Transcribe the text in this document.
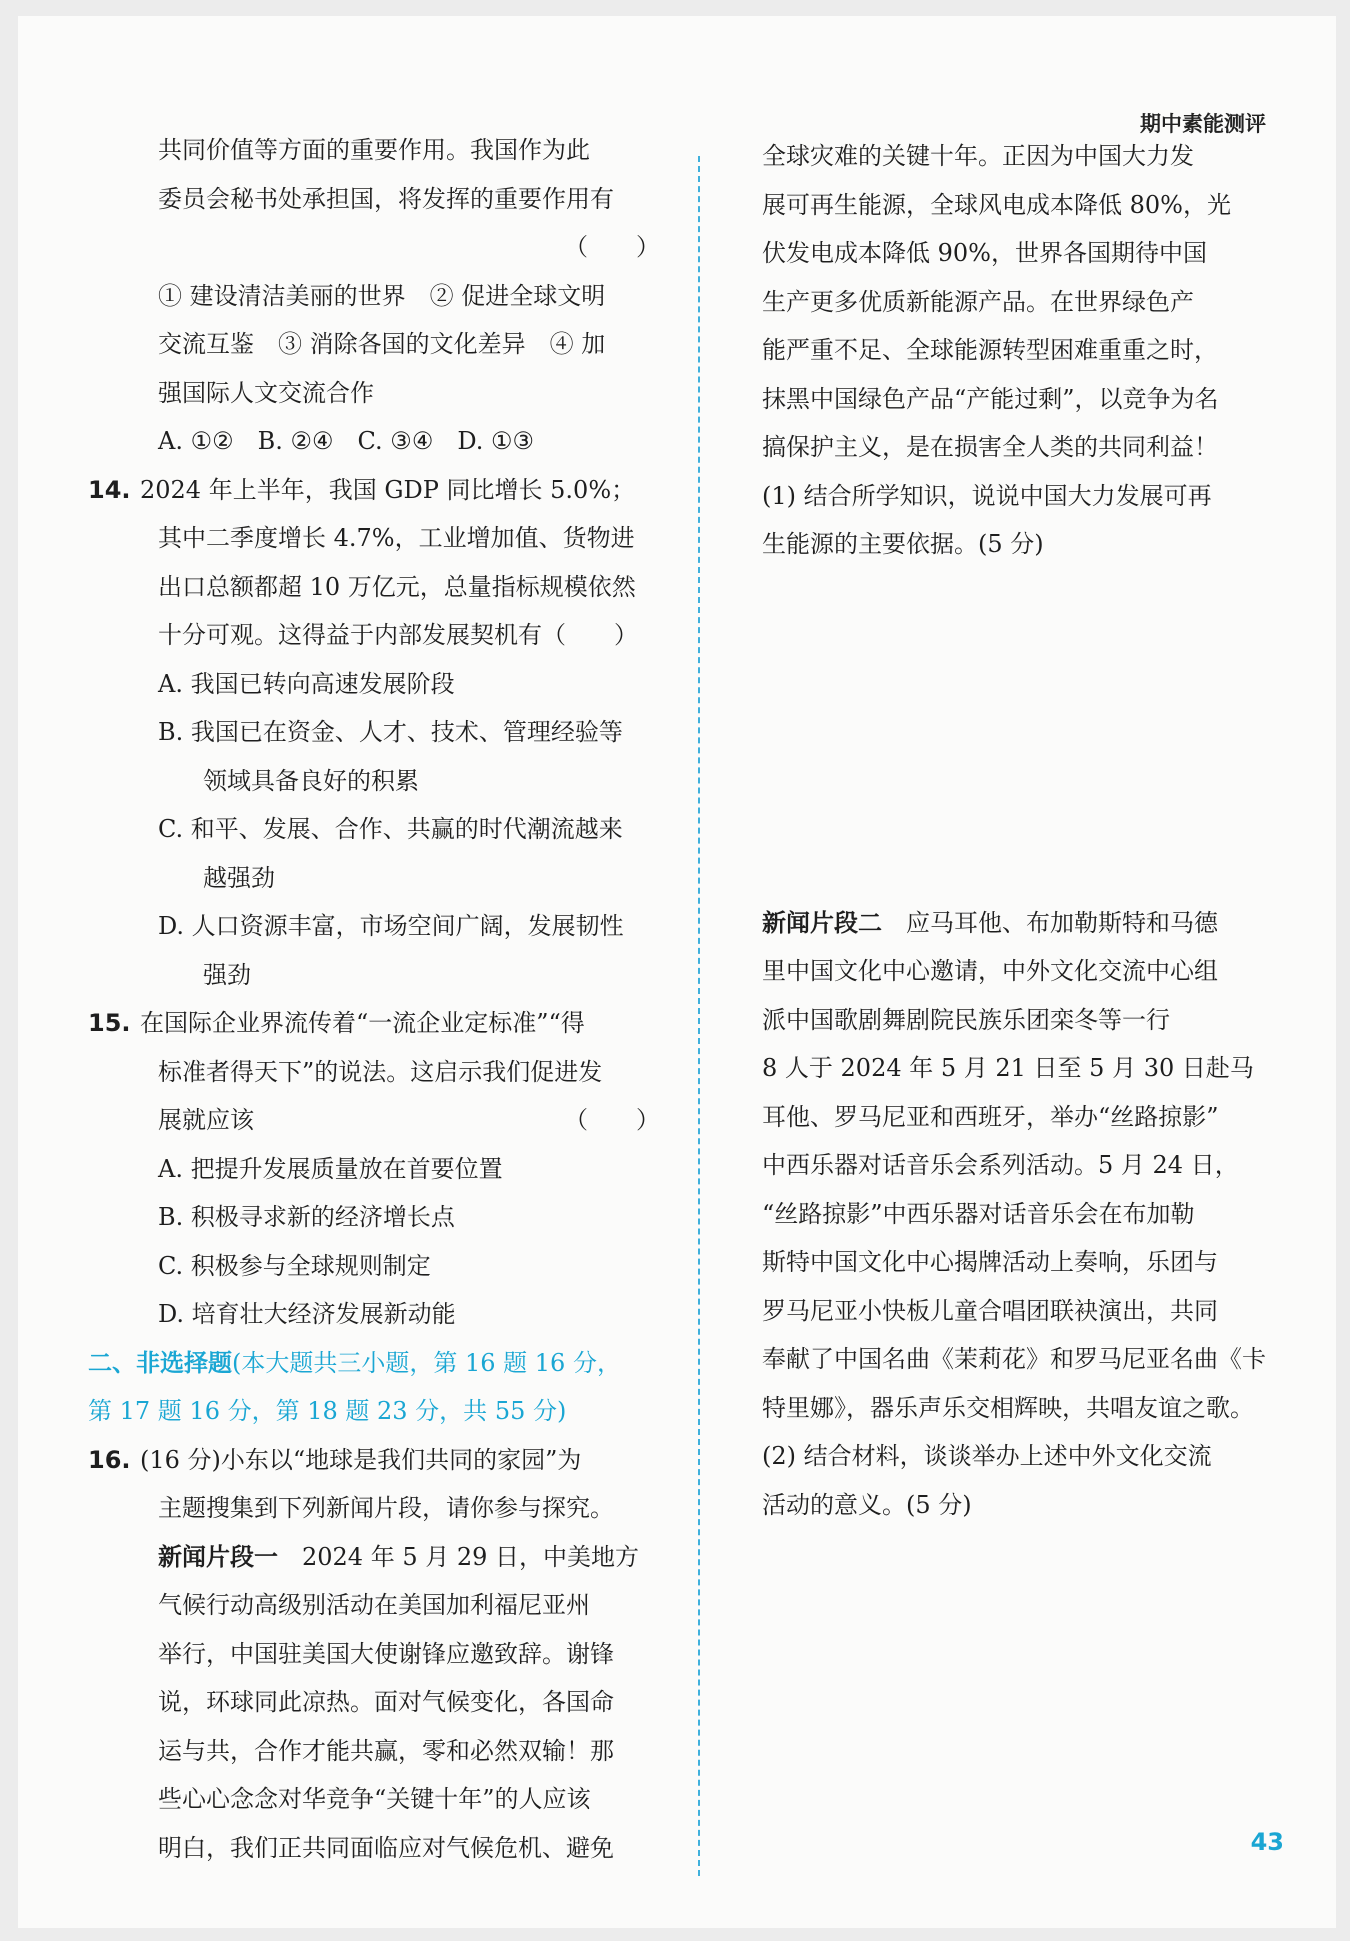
期中素能测评
共同价值等方面的重要作用。我国作为此
委员会秘书处承担国，将发挥的重要作用有
（　　）
① 建设清洁美丽的世界　② 促进全球文明
交流互鉴　③ 消除各国的文化差异　④ 加
强国际人文交流合作
A. ①②　B. ②④　C. ③④　D. ①③
14. 2024 年上半年，我国 GDP 同比增长 5.0%；
其中二季度增长 4.7%，工业增加值、货物进
出口总额都超 10 万亿元，总量指标规模依然
十分可观。这得益于内部发展契机有（　　）
A. 我国已转向高速发展阶段
B. 我国已在资金、人才、技术、管理经验等
领域具备良好的积累
C. 和平、发展、合作、共赢的时代潮流越来
越强劲
D. 人口资源丰富，市场空间广阔，发展韧性
强劲
15. 在国际企业界流传着“一流企业定标准”“得
标准者得天下”的说法。这启示我们促进发
展就应该	（　　）
A. 把提升发展质量放在首要位置
B. 积极寻求新的经济增长点
C. 积极参与全球规则制定
D. 培育壮大经济发展新动能
二、非选择题(本大题共三小题，第 16 题 16 分，
第 17 题 16 分，第 18 题 23 分，共 55 分)
16. (16 分)小东以“地球是我们共同的家园”为
主题搜集到下列新闻片段，请你参与探究。
新闻片段一　 2024 年 5 月 29 日，中美地方
气候行动高级别活动在美国加利福尼亚州
举行，中国驻美国大使谢锋应邀致辞。谢锋
说，环球同此凉热。面对气候变化，各国命
运与共，合作才能共赢，零和必然双输！那
些心心念念对华竞争“关键十年”的人应该
明白，我们正共同面临应对气候危机、避免
全球灾难的关键十年。正因为中国大力发
展可再生能源，全球风电成本降低 80%，光
伏发电成本降低 90%，世界各国期待中国
生产更多优质新能源产品。在世界绿色产
能严重不足、全球能源转型困难重重之时，
抹黑中国绿色产品“产能过剩”，以竞争为名
搞保护主义，是在损害全人类的共同利益！
(1) 结合所学知识，说说中国大力发展可再
生能源的主要依据。(5 分)
新闻片段二　 应马耳他、布加勒斯特和马德
里中国文化中心邀请，中外文化交流中心组
派中国歌剧舞剧院民族乐团栾冬等一行
8 人于 2024 年 5 月 21 日至 5 月 30 日赴马
耳他、罗马尼亚和西班牙，举办“丝路掠影”
中西乐器对话音乐会系列活动。5 月 24 日，
“丝路掠影”中西乐器对话音乐会在布加勒
斯特中国文化中心揭牌活动上奏响，乐团与
罗马尼亚小快板儿童合唱团联袂演出，共同
奉献了中国名曲《茉莉花》和罗马尼亚名曲《卡
特里娜》，器乐声乐交相辉映，共唱友谊之歌。
(2) 结合材料，谈谈举办上述中外文化交流
活动的意义。(5 分)
43
